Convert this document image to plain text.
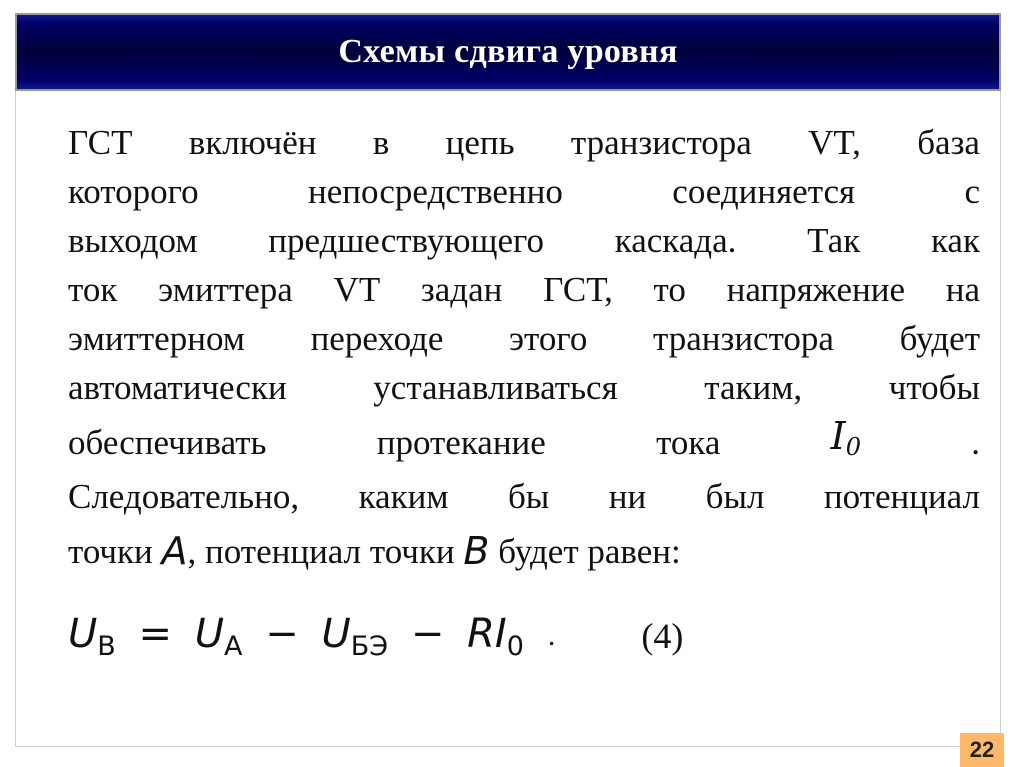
Схемы сдвига уровня
ГСТ включён в цепь транзистора VT, база
которого	непосредственно	соединяется	с
выходом предшествующего каскада. Так как
ток эмиттера VT задан ГСТ, то напряжение на
эмиттерном переходе этого транзистора будет
автоматически устанавливаться таким, чтобы
обеспечивать	протекание	тока	$I_0$	.
Следовательно, каким бы ни был потенциал
точки A , потенциал точки B будет равен:
$U_B = U_A - U_{БЭ} - RI_0$ . (4)
22
